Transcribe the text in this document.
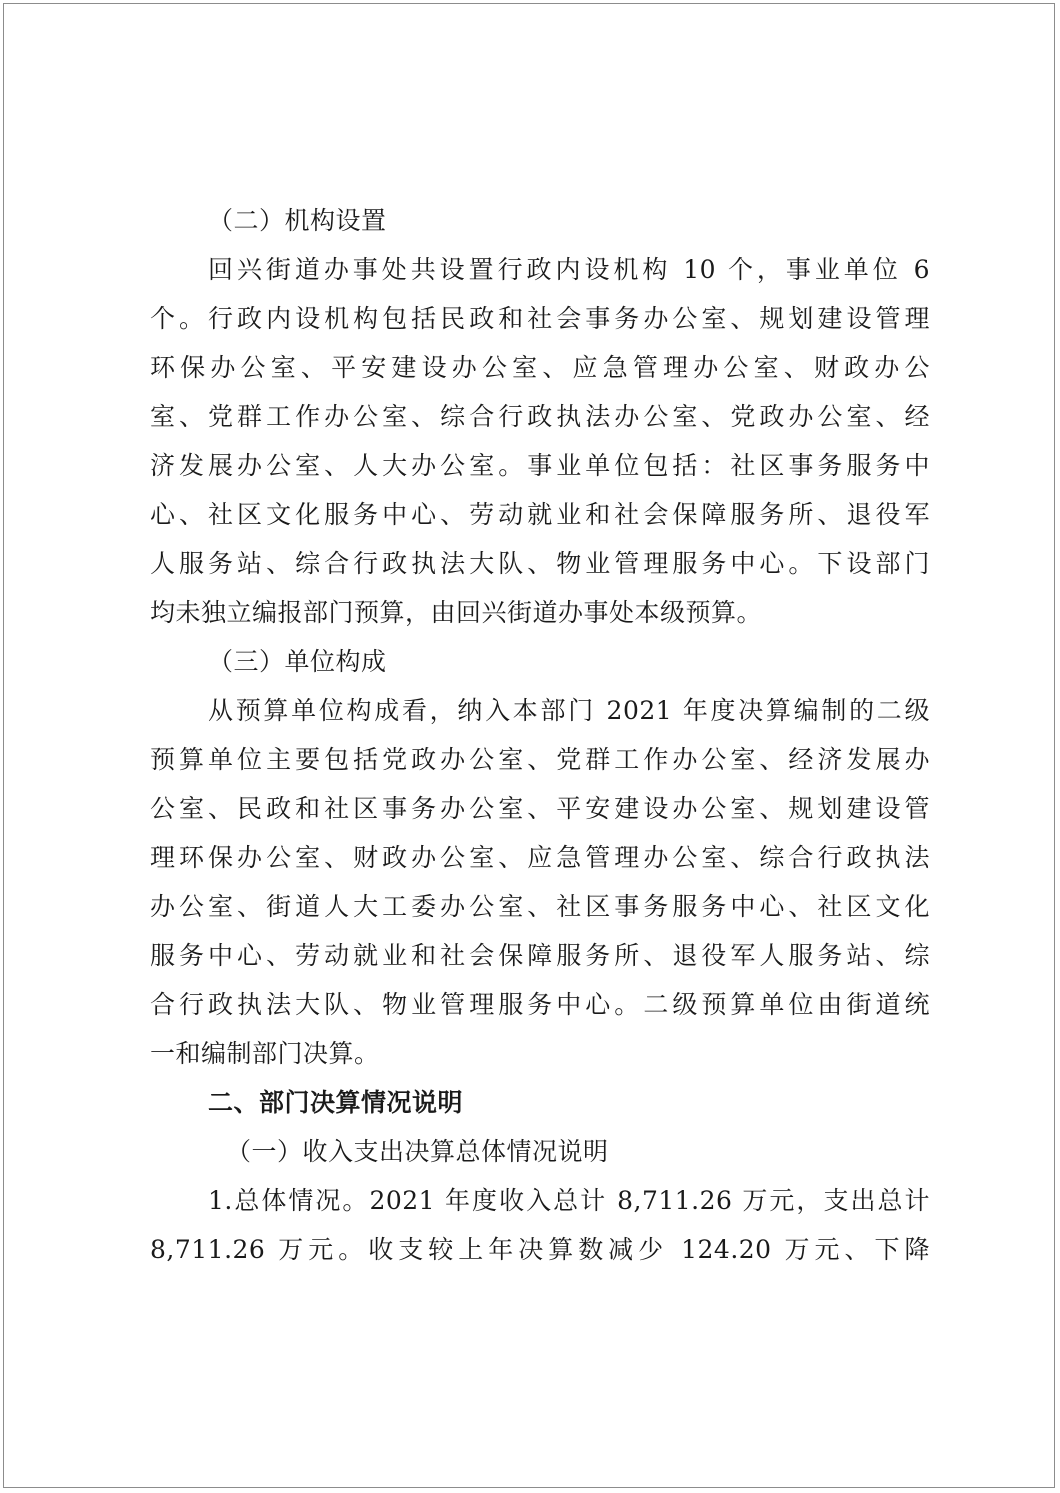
（二）机构设置
回兴街道办事处共设置行政内设机构 10 个，事业单位 6
个。行政内设机构包括民政和社会事务办公室、规划建设管理
环保办公室、平安建设办公室、应急管理办公室、财政办公
室、党群工作办公室、综合行政执法办公室、党政办公室、经
济发展办公室、人大办公室。事业单位包括：社区事务服务中
心、社区文化服务中心、劳动就业和社会保障服务所、退役军
人服务站、综合行政执法大队、物业管理服务中心。下设部门
均未独立编报部门预算，由回兴街道办事处本级预算。
（三）单位构成
从预算单位构成看，纳入本部门 2021 年度决算编制的二级
预算单位主要包括党政办公室、党群工作办公室、经济发展办
公室、民政和社区事务办公室、平安建设办公室、规划建设管
理环保办公室、财政办公室、应急管理办公室、综合行政执法
办公室、街道人大工委办公室、社区事务服务中心、社区文化
服务中心、劳动就业和社会保障服务所、退役军人服务站、综
合行政执法大队、物业管理服务中心。二级预算单位由街道统
一和编制部门决算。
二、部门决算情况说明
（一）收入支出决算总体情况说明
1.总体情况。2021 年度收入总计 8,711.26 万元，支出总计
8,711.26 万元。收支较上年决算数减少 124.20 万元、下降
